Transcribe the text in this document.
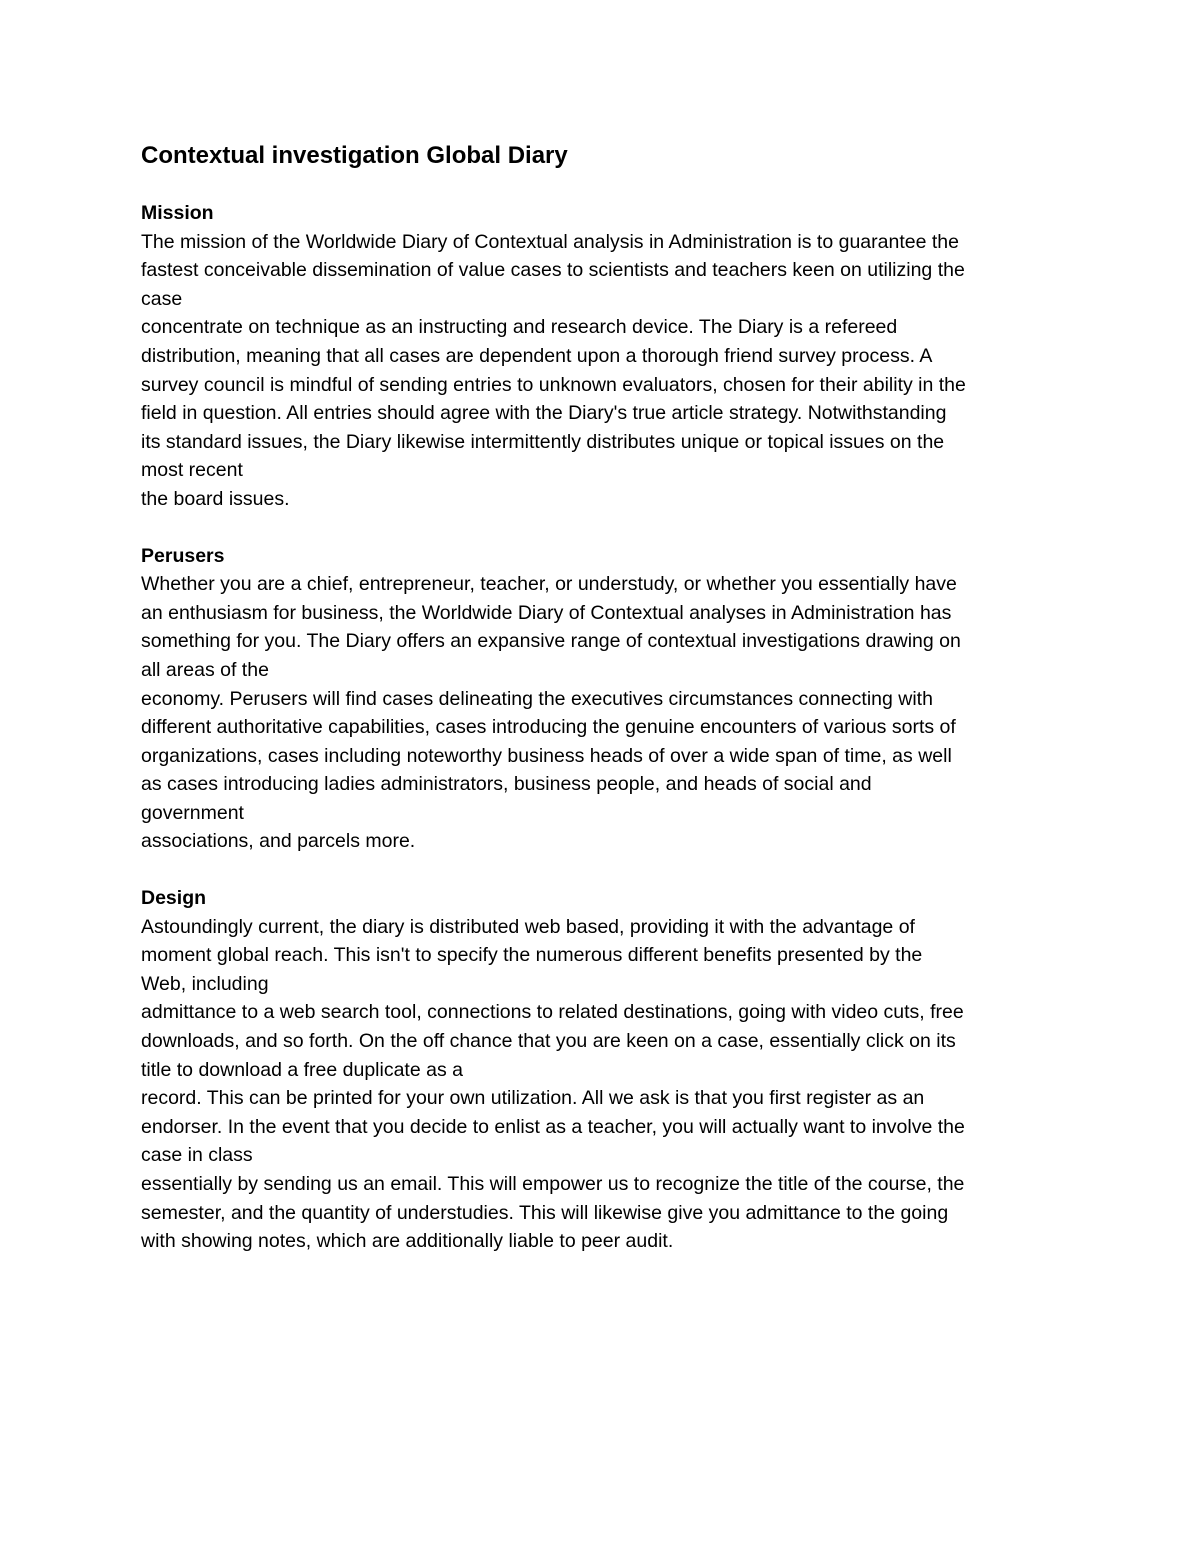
Contextual investigation Global Diary
Mission
The mission of the Worldwide Diary of Contextual analysis in Administration is to guarantee the
fastest conceivable dissemination of value cases to scientists and teachers keen on utilizing the
case
concentrate on technique as an instructing and research device. The Diary is a refereed
distribution, meaning that all cases are dependent upon a thorough friend survey process. A
survey council is mindful of sending entries to unknown evaluators, chosen for their ability in the
field in question. All entries should agree with the Diary's true article strategy. Notwithstanding
its standard issues, the Diary likewise intermittently distributes unique or topical issues on the
most recent
the board issues.
Perusers
Whether you are a chief, entrepreneur, teacher, or understudy, or whether you essentially have
an enthusiasm for business, the Worldwide Diary of Contextual analyses in Administration has
something for you. The Diary offers an expansive range of contextual investigations drawing on
all areas of the
economy. Perusers will find cases delineating the executives circumstances connecting with
different authoritative capabilities, cases introducing the genuine encounters of various sorts of
organizations, cases including noteworthy business heads of over a wide span of time, as well
as cases introducing ladies administrators, business people, and heads of social and
government
associations, and parcels more.
Design
Astoundingly current, the diary is distributed web based, providing it with the advantage of
moment global reach. This isn't to specify the numerous different benefits presented by the
Web, including
admittance to a web search tool, connections to related destinations, going with video cuts, free
downloads, and so forth. On the off chance that you are keen on a case, essentially click on its
title to download a free duplicate as a
record. This can be printed for your own utilization. All we ask is that you first register as an
endorser. In the event that you decide to enlist as a teacher, you will actually want to involve the
case in class
essentially by sending us an email. This will empower us to recognize the title of the course, the
semester, and the quantity of understudies. This will likewise give you admittance to the going
with showing notes, which are additionally liable to peer audit.
